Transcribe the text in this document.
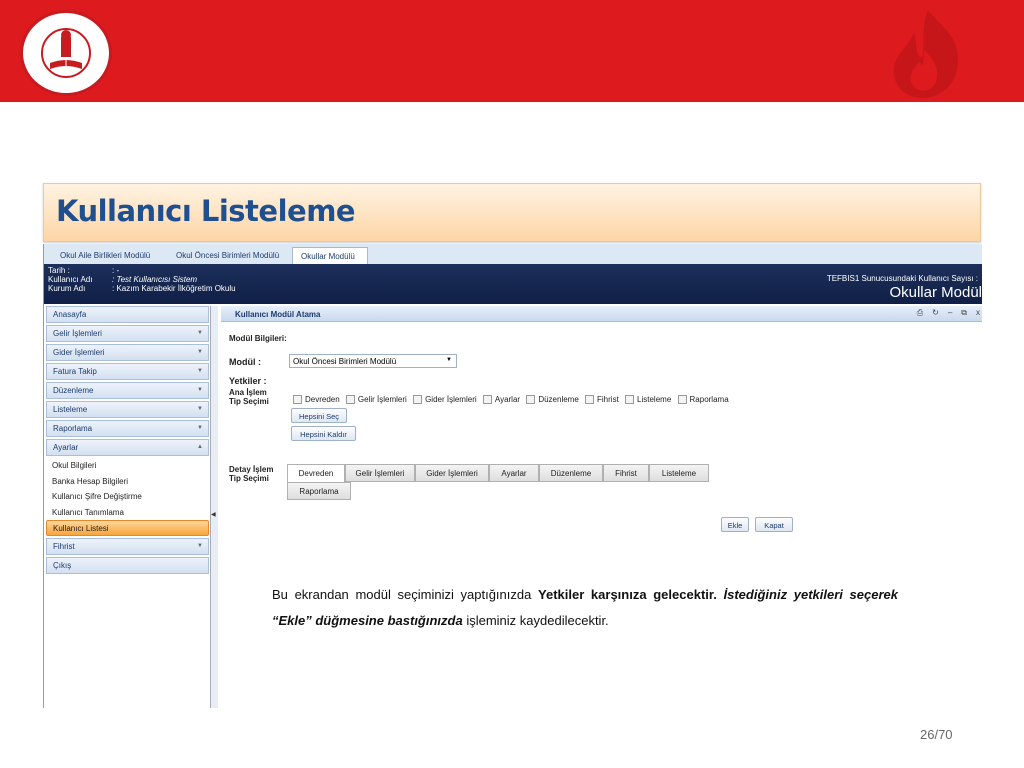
Kullanıcı Listeleme
Okul Aile Birlikleri Modülü	Okul Öncesi Birimleri Modülü	Okullar Modülü
Tarih :	: -
Kullanıcı Adı : Test Kullanıcısı Sistem
Kurum Adı	: Kazım Karabekir İlköğretim Okulu
TEFBIS1 Sunucusundaki Kullanıcı Sayısı :
Okullar Modül
Anasayfa
Gelir İşlemleri	▼
Gider İşlemleri	▼
Fatura Takip	▼
Düzenleme	▼
Listeleme	▼
Raporlama	▼
Ayarlar	▲
Okul Bilgileri
Banka Hesap Bilgileri
Kullanıcı Şifre Değiştirme
Kullanıcı Tanımlama
Kullanıcı Listesi
Fihrist	▼
Çıkış
◀
Kullanıcı Modül Atama	⎙ ↻ – ⧉ x
Modül Bilgileri:
Modül :	Okul Öncesi Birimleri Modülü	▼
Yetkiler :
Ana İşlem
Tip Seçimi	Devreden Gelir İşlemleri Gider İşlemleri Ayarlar Düzenleme Fihrist Listeleme Raporlama
Hepsini Seç
Hepsini Kaldır
Detay İşlem
Tip Seçimi
Devreden	Gelir İşlemleri	Gider İşlemleri	Ayarlar	Düzenleme	Fihrist	Listeleme
Raporlama
Ekle	Kapat
Bu ekrandan modül seçiminizi yaptığınızda Yetkiler karşınıza gelecektir. İstediğiniz yetkileri seçerek “Ekle” düğmesine bastığınızda işleminiz kaydedilecektir.
26/70
